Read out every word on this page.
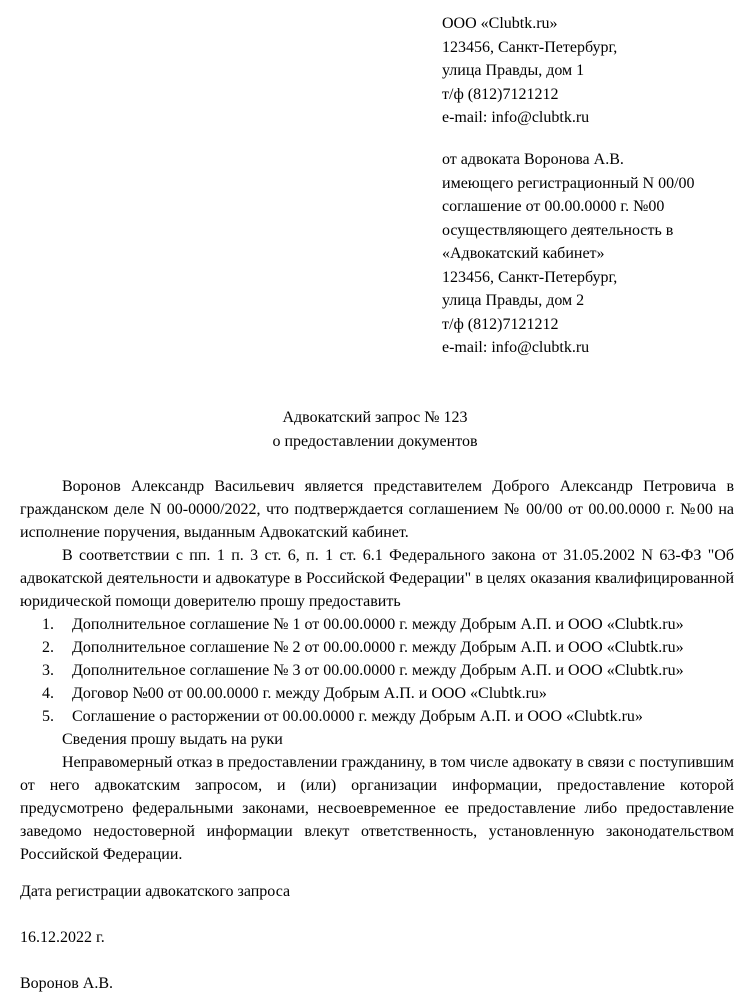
ООО «Clubtk.ru»
123456, Санкт-Петербург,
улица Правды, дом 1
т/ф (812)7121212
e-mail: info@clubtk.ru
от адвоката Воронова А.В.
имеющего регистрационный N 00/00
соглашение от 00.00.0000 г. №00
осуществляющего деятельность в
«Адвокатский кабинет»
123456, Санкт-Петербург,
улица Правды, дом 2
т/ф (812)7121212
e-mail: info@clubtk.ru
Адвокатский запрос № 123
о предоставлении документов

Воронов Александр Васильевич является представителем Доброго Александр Петровича в гражданском деле N 00-0000/2022, что подтверждается соглашением № 00/00 от 00.00.0000 г. №00 на исполнение поручения, выданным Адвокатский кабинет.

В соответствии с пп. 1 п. 3 ст. 6, п. 1 ст. 6.1 Федерального закона от 31.05.2002 N 63-ФЗ "Об адвокатской деятельности и адвокатуре в Российской Федерации" в целях оказания квалифицированной юридической помощи доверителю прошу предоставить

1. Дополнительное соглашение № 1 от 00.00.0000 г. между Добрым А.П. и ООО «Clubtk.ru»
2. Дополнительное соглашение № 2 от 00.00.0000 г. между Добрым А.П. и ООО «Clubtk.ru»
3. Дополнительное соглашение № 3 от 00.00.0000 г. между Добрым А.П. и ООО «Clubtk.ru»
4. Договор №00 от 00.00.0000 г. между Добрым А.П. и ООО «Clubtk.ru»
5. Соглашение о расторжении от 00.00.0000 г. между Добрым А.П. и ООО «Clubtk.ru»

Сведения прошу выдать на руки

Неправомерный отказ в предоставлении гражданину, в том числе адвокату в связи с поступившим от него адвокатским запросом, и (или) организации информации, предоставление которой предусмотрено федеральными законами, несвоевременное ее предоставление либо предоставление заведомо недостоверной информации влекут ответственность, установленную законодательством Российской Федерации.

Дата регистрации адвокатского запроса
16.12.2022 г.
Воронов А.В.
